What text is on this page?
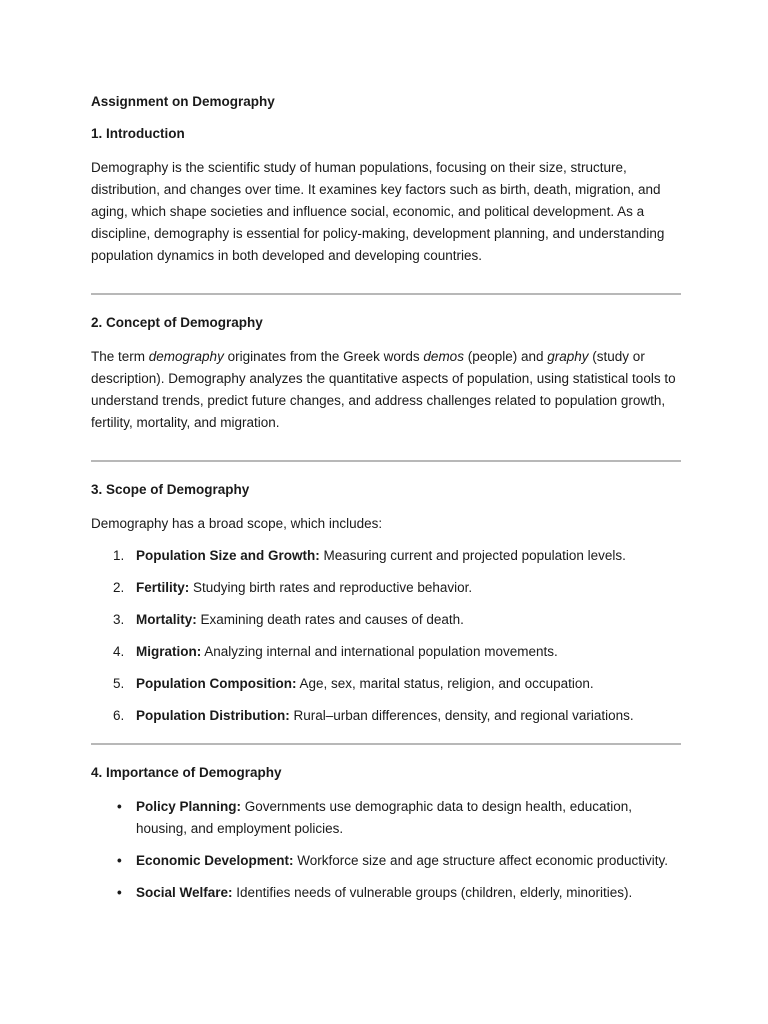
Assignment on Demography
1. Introduction

Demography is the scientific study of human populations, focusing on their size, structure, distribution, and changes over time. It examines key factors such as birth, death, migration, and aging, which shape societies and influence social, economic, and political development. As a discipline, demography is essential for policy-making, development planning, and understanding population dynamics in both developed and developing countries.

2. Concept of Demography

The term demography originates from the Greek words demos (people) and graphy (study or description). Demography analyzes the quantitative aspects of population, using statistical tools to understand trends, predict future changes, and address challenges related to population growth, fertility, mortality, and migration.

3. Scope of Demography

Demography has a broad scope, which includes:

1. Population Size and Growth: Measuring current and projected population levels.
2. Fertility: Studying birth rates and reproductive behavior.
3. Mortality: Examining death rates and causes of death.
4. Migration: Analyzing internal and international population movements.
5. Population Composition: Age, sex, marital status, religion, and occupation.
6. Population Distribution: Rural–urban differences, density, and regional variations.
4. Importance of Demography
• Policy Planning: Governments use demographic data to design health, education, housing, and employment policies.
• Economic Development: Workforce size and age structure affect economic productivity.
• Social Welfare: Identifies needs of vulnerable groups (children, elderly, minorities).
